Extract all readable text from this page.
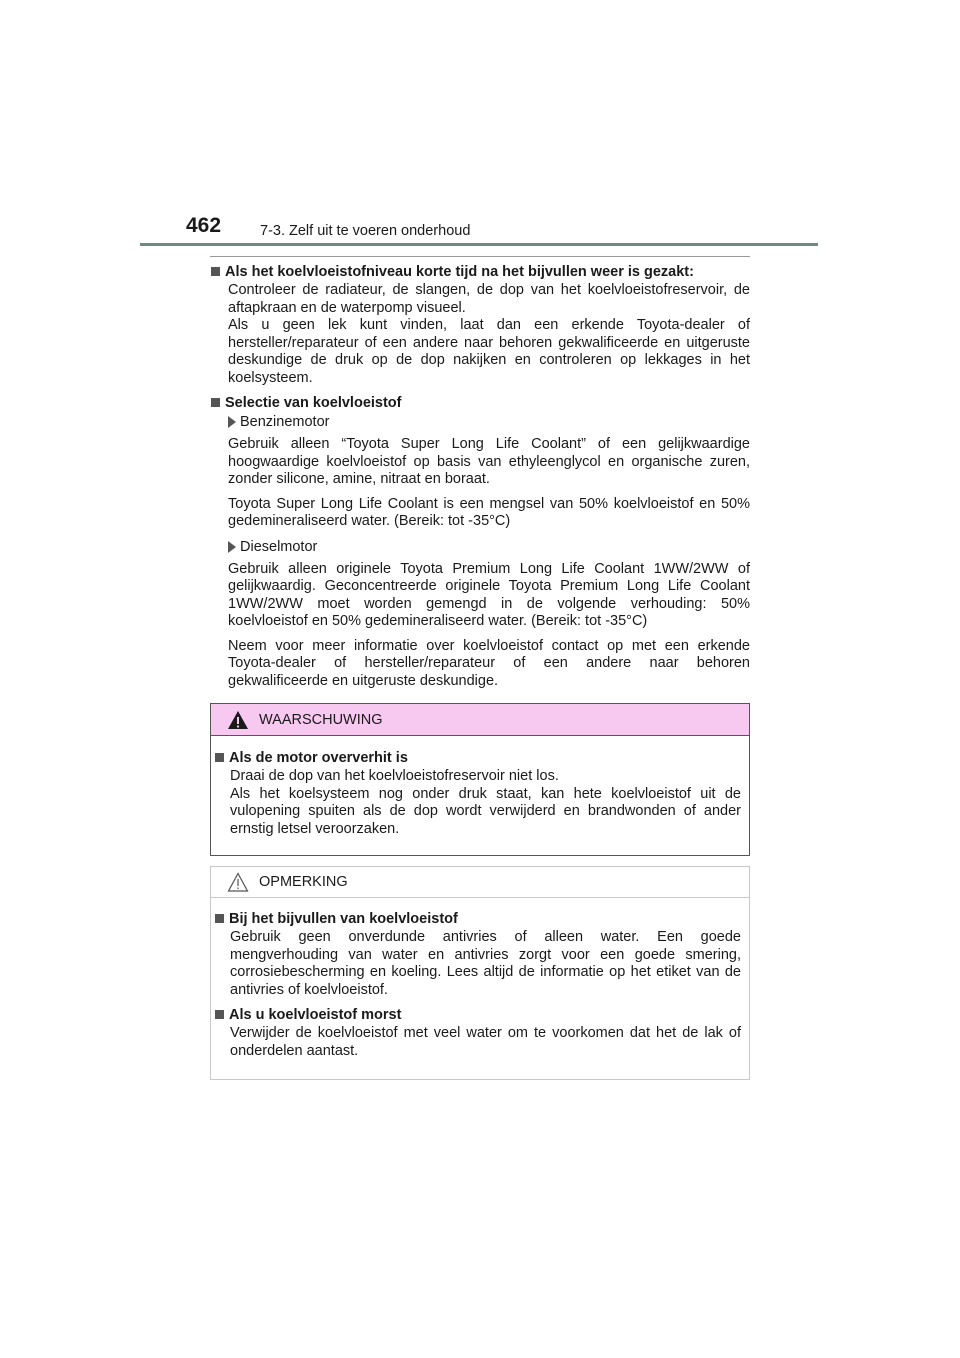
462	7-3. Zelf uit te voeren onderhoud
Als het koelvloeistofniveau korte tijd na het bijvullen weer is gezakt:

Controleer de radiateur, de slangen, de dop van het koelvloeistofreservoir, de aftapkraan en de waterpomp visueel.

Als u geen lek kunt vinden, laat dan een erkende Toyota-dealer of hersteller/reparateur of een andere naar behoren gekwalificeerde en uitgeruste deskundige de druk op de dop nakijken en controleren op lekkages in het koelsysteem.

Selectie van koelvloeistof
Benzinemotor

Gebruik alleen “Toyota Super Long Life Coolant” of een gelijkwaardige hoogwaardige koelvloeistof op basis van ethyleenglycol en organische zuren, zonder silicone, amine, nitraat en boraat.

Toyota Super Long Life Coolant is een mengsel van 50% koelvloeistof en 50% gedemineraliseerd water. (Bereik: tot -35°C)

Dieselmotor

Gebruik alleen originele Toyota Premium Long Life Coolant 1WW/2WW of gelijkwaardig. Geconcentreerde originele Toyota Premium Long Life Coolant 1WW/2WW moet worden gemengd in de volgende verhouding: 50% koelvloeistof en 50% gedemineraliseerd water. (Bereik: tot -35°C)

Neem voor meer informatie over koelvloeistof contact op met een erkende Toyota-dealer of hersteller/reparateur of een andere naar behoren gekwalificeerde en uitgeruste deskundige.

WAARSCHUWING
Als de motor oververhit is

Draai de dop van het koelvloeistofreservoir niet los.

Als het koelsysteem nog onder druk staat, kan hete koelvloeistof uit de vulopening spuiten als de dop wordt verwijderd en brandwonden of ander ernstig letsel veroorzaken.

OPMERKING
Bij het bijvullen van koelvloeistof

Gebruik geen onverdunde antivries of alleen water. Een goede mengverhouding van water en antivries zorgt voor een goede smering, corrosiebescherming en koeling. Lees altijd de informatie op het etiket van de antivries of koelvloeistof.

Als u koelvloeistof morst

Verwijder de koelvloeistof met veel water om te voorkomen dat het de lak of onderdelen aantast.
